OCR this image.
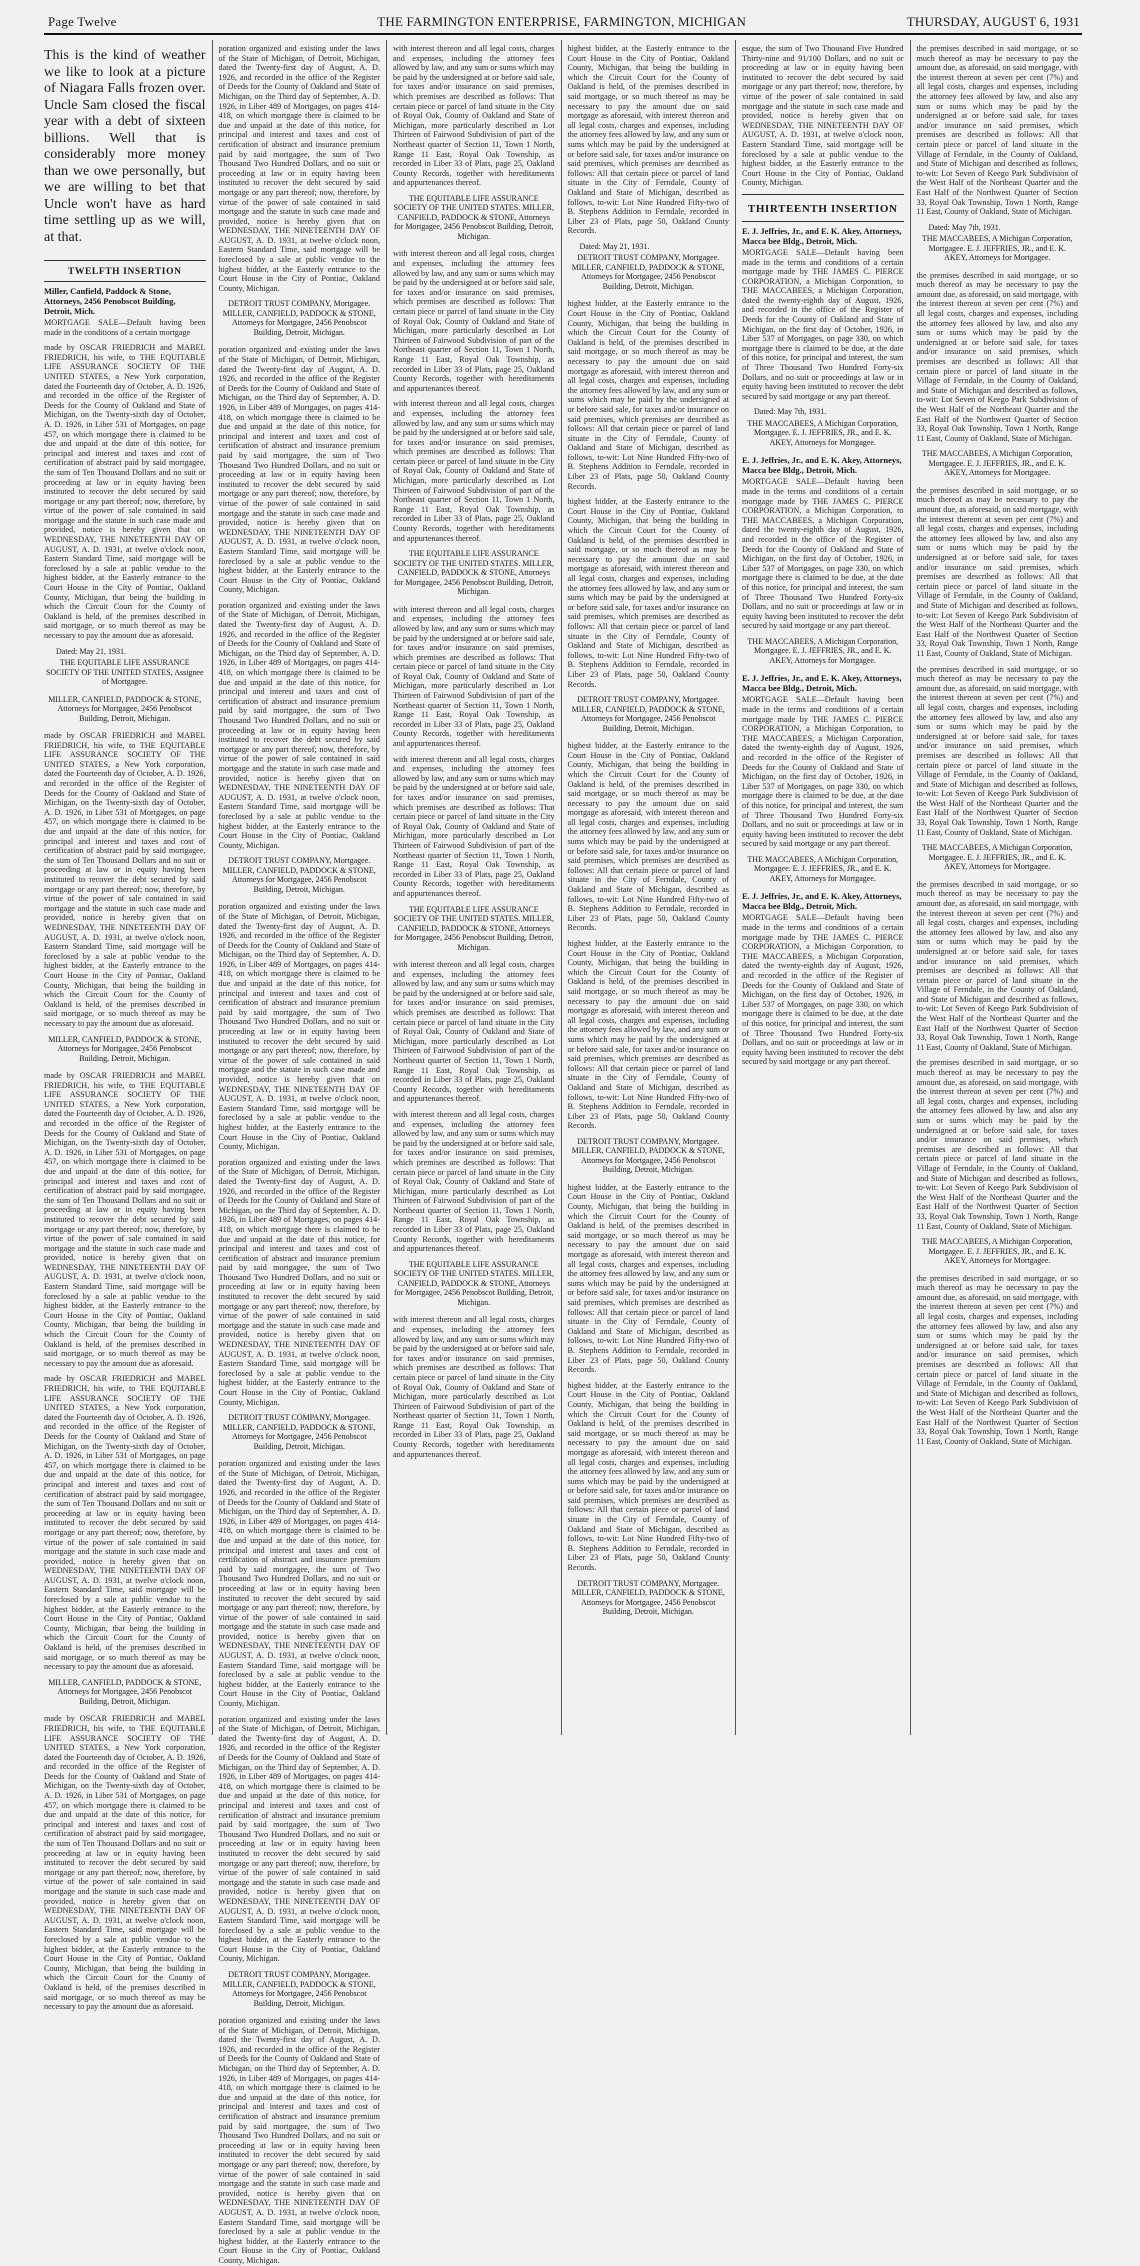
Page Twelve	THE FARMINGTON ENTERPRISE, FARMINGTON, MICHIGAN	THURSDAY, AUGUST 6, 1931

This is the kind of weather we like to look at a picture of Niagara Falls frozen over. Uncle Sam closed the fiscal year with a debt of sixteen billions. Well that is considerably more money than we owe personally, but we are willing to bet that Uncle won't have as hard time settling up as we will, at that.

TWELFTH INSERTION
Miller, Canfield, Paddock & Stone, Attorneys, 2456 Penobscot Building, Detroit, Mich.

MORTGAGE SALE—Default having been made in the conditions of a certain mortgage

made by OSCAR FRIEDRICH and MABEL FRIEDRICH, his wife, to THE EQUITABLE LIFE ASSURANCE SOCIETY OF THE UNITED STATES, a New York corporation, dated the Fourteenth day of October, A. D. 1926, and recorded in the office of the Register of Deeds for the County of Oakland and State of Michigan, on the Twenty-sixth day of October, A. D. 1926, in Liber 531 of Mortgages, on page 457, on which mortgage there is claimed to be due and unpaid at the date of this notice, for principal and interest and taxes and cost of certification of abstract paid by said mortgagee, the sum of Ten Thousand Dollars and no suit or proceeding at law or in equity having been instituted to recover the debt secured by said mortgage or any part thereof; now, therefore, by virtue of the power of sale contained in said mortgage and the statute in such case made and provided, notice is hereby given that on WEDNESDAY, THE NINETEENTH DAY OF AUGUST, A. D. 1931, at twelve o'clock noon, Eastern Standard Time, said mortgage will be foreclosed by a sale at public vendue to the highest bidder, at the Easterly entrance to the Court House in the City of Pontiac, Oakland County, Michigan, that being the building in which the Circuit Court for the County of Oakland is held, of the premises described in said mortgage, or so much thereof as may be necessary to pay the amount due as aforesaid.

Dated: May 21, 1931.
THE EQUITABLE LIFE ASSURANCE SOCIETY OF THE UNITED STATES, Assignee of Mortgagee.
MILLER, CANFIELD, PADDOCK & STONE, Attorneys for Mortgagee, 2456 Penobscot Building, Detroit, Michigan.

made by OSCAR FRIEDRICH and MABEL FRIEDRICH, his wife, to THE EQUITABLE LIFE ASSURANCE SOCIETY OF THE UNITED STATES, a New York corporation, dated the Fourteenth day of October, A. D. 1926, and recorded in the office of the Register of Deeds for the County of Oakland and State of Michigan, on the Twenty-sixth day of October, A. D. 1926, in Liber 531 of Mortgages, on page 457, on which mortgage there is claimed to be due and unpaid at the date of this notice, for principal and interest and taxes and cost of certification of abstract paid by said mortgagee, the sum of Ten Thousand Dollars and no suit or proceeding at law or in equity having been instituted to recover the debt secured by said mortgage or any part thereof; now, therefore, by virtue of the power of sale contained in said mortgage and the statute in such case made and provided, notice is hereby given that on WEDNESDAY, THE NINETEENTH DAY OF AUGUST, A. D. 1931, at twelve o'clock noon, Eastern Standard Time, said mortgage will be foreclosed by a sale at public vendue to the highest bidder, at the Easterly entrance to the Court House in the City of Pontiac, Oakland County, Michigan, that being the building in which the Circuit Court for the County of Oakland is held, of the premises described in said mortgage, or so much thereof as may be necessary to pay the amount due as aforesaid.

MILLER, CANFIELD, PADDOCK & STONE, Attorneys for Mortgagee, 2456 Penobscot Building, Detroit, Michigan.

made by OSCAR FRIEDRICH and MABEL FRIEDRICH, his wife, to THE EQUITABLE LIFE ASSURANCE SOCIETY OF THE UNITED STATES, a New York corporation, dated the Fourteenth day of October, A. D. 1926, and recorded in the office of the Register of Deeds for the County of Oakland and State of Michigan, on the Twenty-sixth day of October, A. D. 1926, in Liber 531 of Mortgages, on page 457, on which mortgage there is claimed to be due and unpaid at the date of this notice, for principal and interest and taxes and cost of certification of abstract paid by said mortgagee, the sum of Ten Thousand Dollars and no suit or proceeding at law or in equity having been instituted to recover the debt secured by said mortgage or any part thereof; now, therefore, by virtue of the power of sale contained in said mortgage and the statute in such case made and provided, notice is hereby given that on WEDNESDAY, THE NINETEENTH DAY OF AUGUST, A. D. 1931, at twelve o'clock noon, Eastern Standard Time, said mortgage will be foreclosed by a sale at public vendue to the highest bidder, at the Easterly entrance to the Court House in the City of Pontiac, Oakland County, Michigan, that being the building in which the Circuit Court for the County of Oakland is held, of the premises described in said mortgage, or so much thereof as may be necessary to pay the amount due as aforesaid.

made by OSCAR FRIEDRICH and MABEL FRIEDRICH, his wife, to THE EQUITABLE LIFE ASSURANCE SOCIETY OF THE UNITED STATES, a New York corporation, dated the Fourteenth day of October, A. D. 1926, and recorded in the office of the Register of Deeds for the County of Oakland and State of Michigan, on the Twenty-sixth day of October, A. D. 1926, in Liber 531 of Mortgages, on page 457, on which mortgage there is claimed to be due and unpaid at the date of this notice, for principal and interest and taxes and cost of certification of abstract paid by said mortgagee, the sum of Ten Thousand Dollars and no suit or proceeding at law or in equity having been instituted to recover the debt secured by said mortgage or any part thereof; now, therefore, by virtue of the power of sale contained in said mortgage and the statute in such case made and provided, notice is hereby given that on WEDNESDAY, THE NINETEENTH DAY OF AUGUST, A. D. 1931, at twelve o'clock noon, Eastern Standard Time, said mortgage will be foreclosed by a sale at public vendue to the highest bidder, at the Easterly entrance to the Court House in the City of Pontiac, Oakland County, Michigan, that being the building in which the Circuit Court for the County of Oakland is held, of the premises described in said mortgage, or so much thereof as may be necessary to pay the amount due as aforesaid.

MILLER, CANFIELD, PADDOCK & STONE, Attorneys for Mortgagee, 2456 Penobscot Building, Detroit, Michigan.

made by OSCAR FRIEDRICH and MABEL FRIEDRICH, his wife, to THE EQUITABLE LIFE ASSURANCE SOCIETY OF THE UNITED STATES, a New York corporation, dated the Fourteenth day of October, A. D. 1926, and recorded in the office of the Register of Deeds for the County of Oakland and State of Michigan, on the Twenty-sixth day of October, A. D. 1926, in Liber 531 of Mortgages, on page 457, on which mortgage there is claimed to be due and unpaid at the date of this notice, for principal and interest and taxes and cost of certification of abstract paid by said mortgagee, the sum of Ten Thousand Dollars and no suit or proceeding at law or in equity having been instituted to recover the debt secured by said mortgage or any part thereof; now, therefore, by virtue of the power of sale contained in said mortgage and the statute in such case made and provided, notice is hereby given that on WEDNESDAY, THE NINETEENTH DAY OF AUGUST, A. D. 1931, at twelve o'clock noon, Eastern Standard Time, said mortgage will be foreclosed by a sale at public vendue to the highest bidder, at the Easterly entrance to the Court House in the City of Pontiac, Oakland County, Michigan, that being the building in which the Circuit Court for the County of Oakland is held, of the premises described in said mortgage, or so much thereof as may be necessary to pay the amount due as aforesaid.

poration organized and existing under the laws of the State of Michigan, of Detroit, Michigan, dated the Twenty-first day of August, A. D. 1926, and recorded in the office of the Register of Deeds for the County of Oakland and State of Michigan, on the Third day of September, A. D. 1926, in Liber 489 of Mortgages, on pages 414-418, on which mortgage there is claimed to be due and unpaid at the date of this notice, for principal and interest and taxes and cost of certification of abstract and insurance premium paid by said mortgagee, the sum of Two Thousand Two Hundred Dollars, and no suit or proceeding at law or in equity having been instituted to recover the debt secured by said mortgage or any part thereof; now, therefore, by virtue of the power of sale contained in said mortgage and the statute in such case made and provided, notice is hereby given that on WEDNESDAY, THE NINETEENTH DAY OF AUGUST, A. D. 1931, at twelve o'clock noon, Eastern Standard Time, said mortgage will be foreclosed by a sale at public vendue to the highest bidder, at the Easterly entrance to the Court House in the City of Pontiac, Oakland County, Michigan.

DETROIT TRUST COMPANY, Mortgagee. MILLER, CANFIELD, PADDOCK & STONE, Attorneys for Mortgagee, 2456 Penobscot Building, Detroit, Michigan.

poration organized and existing under the laws of the State of Michigan, of Detroit, Michigan, dated the Twenty-first day of August, A. D. 1926, and recorded in the office of the Register of Deeds for the County of Oakland and State of Michigan, on the Third day of September, A. D. 1926, in Liber 489 of Mortgages, on pages 414-418, on which mortgage there is claimed to be due and unpaid at the date of this notice, for principal and interest and taxes and cost of certification of abstract and insurance premium paid by said mortgagee, the sum of Two Thousand Two Hundred Dollars, and no suit or proceeding at law or in equity having been instituted to recover the debt secured by said mortgage or any part thereof; now, therefore, by virtue of the power of sale contained in said mortgage and the statute in such case made and provided, notice is hereby given that on WEDNESDAY, THE NINETEENTH DAY OF AUGUST, A. D. 1931, at twelve o'clock noon, Eastern Standard Time, said mortgage will be foreclosed by a sale at public vendue to the highest bidder, at the Easterly entrance to the Court House in the City of Pontiac, Oakland County, Michigan.

poration organized and existing under the laws of the State of Michigan, of Detroit, Michigan, dated the Twenty-first day of August, A. D. 1926, and recorded in the office of the Register of Deeds for the County of Oakland and State of Michigan, on the Third day of September, A. D. 1926, in Liber 489 of Mortgages, on pages 414-418, on which mortgage there is claimed to be due and unpaid at the date of this notice, for principal and interest and taxes and cost of certification of abstract and insurance premium paid by said mortgagee, the sum of Two Thousand Two Hundred Dollars, and no suit or proceeding at law or in equity having been instituted to recover the debt secured by said mortgage or any part thereof; now, therefore, by virtue of the power of sale contained in said mortgage and the statute in such case made and provided, notice is hereby given that on WEDNESDAY, THE NINETEENTH DAY OF AUGUST, A. D. 1931, at twelve o'clock noon, Eastern Standard Time, said mortgage will be foreclosed by a sale at public vendue to the highest bidder, at the Easterly entrance to the Court House in the City of Pontiac, Oakland County, Michigan.

DETROIT TRUST COMPANY, Mortgagee. MILLER, CANFIELD, PADDOCK & STONE, Attorneys for Mortgagee, 2456 Penobscot Building, Detroit, Michigan.

poration organized and existing under the laws of the State of Michigan, of Detroit, Michigan, dated the Twenty-first day of August, A. D. 1926, and recorded in the office of the Register of Deeds for the County of Oakland and State of Michigan, on the Third day of September, A. D. 1926, in Liber 489 of Mortgages, on pages 414-418, on which mortgage there is claimed to be due and unpaid at the date of this notice, for principal and interest and taxes and cost of certification of abstract and insurance premium paid by said mortgagee, the sum of Two Thousand Two Hundred Dollars, and no suit or proceeding at law or in equity having been instituted to recover the debt secured by said mortgage or any part thereof; now, therefore, by virtue of the power of sale contained in said mortgage and the statute in such case made and provided, notice is hereby given that on WEDNESDAY, THE NINETEENTH DAY OF AUGUST, A. D. 1931, at twelve o'clock noon, Eastern Standard Time, said mortgage will be foreclosed by a sale at public vendue to the highest bidder, at the Easterly entrance to the Court House in the City of Pontiac, Oakland County, Michigan.

poration organized and existing under the laws of the State of Michigan, of Detroit, Michigan, dated the Twenty-first day of August, A. D. 1926, and recorded in the office of the Register of Deeds for the County of Oakland and State of Michigan, on the Third day of September, A. D. 1926, in Liber 489 of Mortgages, on pages 414-418, on which mortgage there is claimed to be due and unpaid at the date of this notice, for principal and interest and taxes and cost of certification of abstract and insurance premium paid by said mortgagee, the sum of Two Thousand Two Hundred Dollars, and no suit or proceeding at law or in equity having been instituted to recover the debt secured by said mortgage or any part thereof; now, therefore, by virtue of the power of sale contained in said mortgage and the statute in such case made and provided, notice is hereby given that on WEDNESDAY, THE NINETEENTH DAY OF AUGUST, A. D. 1931, at twelve o'clock noon, Eastern Standard Time, said mortgage will be foreclosed by a sale at public vendue to the highest bidder, at the Easterly entrance to the Court House in the City of Pontiac, Oakland County, Michigan.

DETROIT TRUST COMPANY, Mortgagee. MILLER, CANFIELD, PADDOCK & STONE, Attorneys for Mortgagee, 2456 Penobscot Building, Detroit, Michigan.

poration organized and existing under the laws of the State of Michigan, of Detroit, Michigan, dated the Twenty-first day of August, A. D. 1926, and recorded in the office of the Register of Deeds for the County of Oakland and State of Michigan, on the Third day of September, A. D. 1926, in Liber 489 of Mortgages, on pages 414-418, on which mortgage there is claimed to be due and unpaid at the date of this notice, for principal and interest and taxes and cost of certification of abstract and insurance premium paid by said mortgagee, the sum of Two Thousand Two Hundred Dollars, and no suit or proceeding at law or in equity having been instituted to recover the debt secured by said mortgage or any part thereof; now, therefore, by virtue of the power of sale contained in said mortgage and the statute in such case made and provided, notice is hereby given that on WEDNESDAY, THE NINETEENTH DAY OF AUGUST, A. D. 1931, at twelve o'clock noon, Eastern Standard Time, said mortgage will be foreclosed by a sale at public vendue to the highest bidder, at the Easterly entrance to the Court House in the City of Pontiac, Oakland County, Michigan.

poration organized and existing under the laws of the State of Michigan, of Detroit, Michigan, dated the Twenty-first day of August, A. D. 1926, and recorded in the office of the Register of Deeds for the County of Oakland and State of Michigan, on the Third day of September, A. D. 1926, in Liber 489 of Mortgages, on pages 414-418, on which mortgage there is claimed to be due and unpaid at the date of this notice, for principal and interest and taxes and cost of certification of abstract and insurance premium paid by said mortgagee, the sum of Two Thousand Two Hundred Dollars, and no suit or proceeding at law or in equity having been instituted to recover the debt secured by said mortgage or any part thereof; now, therefore, by virtue of the power of sale contained in said mortgage and the statute in such case made and provided, notice is hereby given that on WEDNESDAY, THE NINETEENTH DAY OF AUGUST, A. D. 1931, at twelve o'clock noon, Eastern Standard Time, said mortgage will be foreclosed by a sale at public vendue to the highest bidder, at the Easterly entrance to the Court House in the City of Pontiac, Oakland County, Michigan.

DETROIT TRUST COMPANY, Mortgagee. MILLER, CANFIELD, PADDOCK & STONE, Attorneys for Mortgagee, 2456 Penobscot Building, Detroit, Michigan.

poration organized and existing under the laws of the State of Michigan, of Detroit, Michigan, dated the Twenty-first day of August, A. D. 1926, and recorded in the office of the Register of Deeds for the County of Oakland and State of Michigan, on the Third day of September, A. D. 1926, in Liber 489 of Mortgages, on pages 414-418, on which mortgage there is claimed to be due and unpaid at the date of this notice, for principal and interest and taxes and cost of certification of abstract and insurance premium paid by said mortgagee, the sum of Two Thousand Two Hundred Dollars, and no suit or proceeding at law or in equity having been instituted to recover the debt secured by said mortgage or any part thereof; now, therefore, by virtue of the power of sale contained in said mortgage and the statute in such case made and provided, notice is hereby given that on WEDNESDAY, THE NINETEENTH DAY OF AUGUST, A. D. 1931, at twelve o'clock noon, Eastern Standard Time, said mortgage will be foreclosed by a sale at public vendue to the highest bidder, at the Easterly entrance to the Court House in the City of Pontiac, Oakland County, Michigan.

with interest thereon and all legal costs, charges and expenses, including the attorney fees allowed by law, and any sum or sums which may be paid by the undersigned at or before said sale, for taxes and/or insurance on said premises, which premises are described as follows: That certain piece or parcel of land situate in the City of Royal Oak, County of Oakland and State of Michigan, more particularly described as Lot Thirteen of Fairwood Subdivision of part of the Northeast quarter of Section 11, Town 1 North, Range 11 East, Royal Oak Township, as recorded in Liber 33 of Plats, page 25, Oakland County Records, together with hereditaments and appurtenances thereof.

THE EQUITABLE LIFE ASSURANCE SOCIETY OF THE UNITED STATES. MILLER, CANFIELD, PADDOCK & STONE, Attorneys for Mortgagee, 2456 Penobscot Building, Detroit, Michigan.

with interest thereon and all legal costs, charges and expenses, including the attorney fees allowed by law, and any sum or sums which may be paid by the undersigned at or before said sale, for taxes and/or insurance on said premises, which premises are described as follows: That certain piece or parcel of land situate in the City of Royal Oak, County of Oakland and State of Michigan, more particularly described as Lot Thirteen of Fairwood Subdivision of part of the Northeast quarter of Section 11, Town 1 North, Range 11 East, Royal Oak Township, as recorded in Liber 33 of Plats, page 25, Oakland County Records, together with hereditaments and appurtenances thereof.

with interest thereon and all legal costs, charges and expenses, including the attorney fees allowed by law, and any sum or sums which may be paid by the undersigned at or before said sale, for taxes and/or insurance on said premises, which premises are described as follows: That certain piece or parcel of land situate in the City of Royal Oak, County of Oakland and State of Michigan, more particularly described as Lot Thirteen of Fairwood Subdivision of part of the Northeast quarter of Section 11, Town 1 North, Range 11 East, Royal Oak Township, as recorded in Liber 33 of Plats, page 25, Oakland County Records, together with hereditaments and appurtenances thereof.

THE EQUITABLE LIFE ASSURANCE SOCIETY OF THE UNITED STATES. MILLER, CANFIELD, PADDOCK & STONE, Attorneys for Mortgagee, 2456 Penobscot Building, Detroit, Michigan.

with interest thereon and all legal costs, charges and expenses, including the attorney fees allowed by law, and any sum or sums which may be paid by the undersigned at or before said sale, for taxes and/or insurance on said premises, which premises are described as follows: That certain piece or parcel of land situate in the City of Royal Oak, County of Oakland and State of Michigan, more particularly described as Lot Thirteen of Fairwood Subdivision of part of the Northeast quarter of Section 11, Town 1 North, Range 11 East, Royal Oak Township, as recorded in Liber 33 of Plats, page 25, Oakland County Records, together with hereditaments and appurtenances thereof.

with interest thereon and all legal costs, charges and expenses, including the attorney fees allowed by law, and any sum or sums which may be paid by the undersigned at or before said sale, for taxes and/or insurance on said premises, which premises are described as follows: That certain piece or parcel of land situate in the City of Royal Oak, County of Oakland and State of Michigan, more particularly described as Lot Thirteen of Fairwood Subdivision of part of the Northeast quarter of Section 11, Town 1 North, Range 11 East, Royal Oak Township, as recorded in Liber 33 of Plats, page 25, Oakland County Records, together with hereditaments and appurtenances thereof.

THE EQUITABLE LIFE ASSURANCE SOCIETY OF THE UNITED STATES. MILLER, CANFIELD, PADDOCK & STONE, Attorneys for Mortgagee, 2456 Penobscot Building, Detroit, Michigan.

with interest thereon and all legal costs, charges and expenses, including the attorney fees allowed by law, and any sum or sums which may be paid by the undersigned at or before said sale, for taxes and/or insurance on said premises, which premises are described as follows: That certain piece or parcel of land situate in the City of Royal Oak, County of Oakland and State of Michigan, more particularly described as Lot Thirteen of Fairwood Subdivision of part of the Northeast quarter of Section 11, Town 1 North, Range 11 East, Royal Oak Township, as recorded in Liber 33 of Plats, page 25, Oakland County Records, together with hereditaments and appurtenances thereof.

with interest thereon and all legal costs, charges and expenses, including the attorney fees allowed by law, and any sum or sums which may be paid by the undersigned at or before said sale, for taxes and/or insurance on said premises, which premises are described as follows: That certain piece or parcel of land situate in the City of Royal Oak, County of Oakland and State of Michigan, more particularly described as Lot Thirteen of Fairwood Subdivision of part of the Northeast quarter of Section 11, Town 1 North, Range 11 East, Royal Oak Township, as recorded in Liber 33 of Plats, page 25, Oakland County Records, together with hereditaments and appurtenances thereof.

THE EQUITABLE LIFE ASSURANCE SOCIETY OF THE UNITED STATES. MILLER, CANFIELD, PADDOCK & STONE, Attorneys for Mortgagee, 2456 Penobscot Building, Detroit, Michigan.

with interest thereon and all legal costs, charges and expenses, including the attorney fees allowed by law, and any sum or sums which may be paid by the undersigned at or before said sale, for taxes and/or insurance on said premises, which premises are described as follows: That certain piece or parcel of land situate in the City of Royal Oak, County of Oakland and State of Michigan, more particularly described as Lot Thirteen of Fairwood Subdivision of part of the Northeast quarter of Section 11, Town 1 North, Range 11 East, Royal Oak Township, as recorded in Liber 33 of Plats, page 25, Oakland County Records, together with hereditaments and appurtenances thereof.

highest bidder, at the Easterly entrance to the Court House in the City of Pontiac, Oakland County, Michigan, that being the building in which the Circuit Court for the County of Oakland is held, of the premises described in said mortgage, or so much thereof as may be necessary to pay the amount due on said mortgage as aforesaid, with interest thereon and all legal costs, charges and expenses, including the attorney fees allowed by law, and any sum or sums which may be paid by the undersigned at or before said sale, for taxes and/or insurance on said premises, which premises are described as follows: All that certain piece or parcel of land situate in the City of Ferndale, County of Oakland and State of Michigan, described as follows, to-wit: Lot Nine Hundred Fifty-two of B. Stephens Addition to Ferndale, recorded in Liber 23 of Plats, page 50, Oakland County Records.

Dated: May 21, 1931.
DETROIT TRUST COMPANY, Mortgagee. MILLER, CANFIELD, PADDOCK & STONE, Attorneys for Mortgagee, 2456 Penobscot Building, Detroit, Michigan.

highest bidder, at the Easterly entrance to the Court House in the City of Pontiac, Oakland County, Michigan, that being the building in which the Circuit Court for the County of Oakland is held, of the premises described in said mortgage, or so much thereof as may be necessary to pay the amount due on said mortgage as aforesaid, with interest thereon and all legal costs, charges and expenses, including the attorney fees allowed by law, and any sum or sums which may be paid by the undersigned at or before said sale, for taxes and/or insurance on said premises, which premises are described as follows: All that certain piece or parcel of land situate in the City of Ferndale, County of Oakland and State of Michigan, described as follows, to-wit: Lot Nine Hundred Fifty-two of B. Stephens Addition to Ferndale, recorded in Liber 23 of Plats, page 50, Oakland County Records.

highest bidder, at the Easterly entrance to the Court House in the City of Pontiac, Oakland County, Michigan, that being the building in which the Circuit Court for the County of Oakland is held, of the premises described in said mortgage, or so much thereof as may be necessary to pay the amount due on said mortgage as aforesaid, with interest thereon and all legal costs, charges and expenses, including the attorney fees allowed by law, and any sum or sums which may be paid by the undersigned at or before said sale, for taxes and/or insurance on said premises, which premises are described as follows: All that certain piece or parcel of land situate in the City of Ferndale, County of Oakland and State of Michigan, described as follows, to-wit: Lot Nine Hundred Fifty-two of B. Stephens Addition to Ferndale, recorded in Liber 23 of Plats, page 50, Oakland County Records.

DETROIT TRUST COMPANY, Mortgagee. MILLER, CANFIELD, PADDOCK & STONE, Attorneys for Mortgagee, 2456 Penobscot Building, Detroit, Michigan.

highest bidder, at the Easterly entrance to the Court House in the City of Pontiac, Oakland County, Michigan, that being the building in which the Circuit Court for the County of Oakland is held, of the premises described in said mortgage, or so much thereof as may be necessary to pay the amount due on said mortgage as aforesaid, with interest thereon and all legal costs, charges and expenses, including the attorney fees allowed by law, and any sum or sums which may be paid by the undersigned at or before said sale, for taxes and/or insurance on said premises, which premises are described as follows: All that certain piece or parcel of land situate in the City of Ferndale, County of Oakland and State of Michigan, described as follows, to-wit: Lot Nine Hundred Fifty-two of B. Stephens Addition to Ferndale, recorded in Liber 23 of Plats, page 50, Oakland County Records.

highest bidder, at the Easterly entrance to the Court House in the City of Pontiac, Oakland County, Michigan, that being the building in which the Circuit Court for the County of Oakland is held, of the premises described in said mortgage, or so much thereof as may be necessary to pay the amount due on said mortgage as aforesaid, with interest thereon and all legal costs, charges and expenses, including the attorney fees allowed by law, and any sum or sums which may be paid by the undersigned at or before said sale, for taxes and/or insurance on said premises, which premises are described as follows: All that certain piece or parcel of land situate in the City of Ferndale, County of Oakland and State of Michigan, described as follows, to-wit: Lot Nine Hundred Fifty-two of B. Stephens Addition to Ferndale, recorded in Liber 23 of Plats, page 50, Oakland County Records.

DETROIT TRUST COMPANY, Mortgagee. MILLER, CANFIELD, PADDOCK & STONE, Attorneys for Mortgagee, 2456 Penobscot Building, Detroit, Michigan.

highest bidder, at the Easterly entrance to the Court House in the City of Pontiac, Oakland County, Michigan, that being the building in which the Circuit Court for the County of Oakland is held, of the premises described in said mortgage, or so much thereof as may be necessary to pay the amount due on said mortgage as aforesaid, with interest thereon and all legal costs, charges and expenses, including the attorney fees allowed by law, and any sum or sums which may be paid by the undersigned at or before said sale, for taxes and/or insurance on said premises, which premises are described as follows: All that certain piece or parcel of land situate in the City of Ferndale, County of Oakland and State of Michigan, described as follows, to-wit: Lot Nine Hundred Fifty-two of B. Stephens Addition to Ferndale, recorded in Liber 23 of Plats, page 50, Oakland County Records.

highest bidder, at the Easterly entrance to the Court House in the City of Pontiac, Oakland County, Michigan, that being the building in which the Circuit Court for the County of Oakland is held, of the premises described in said mortgage, or so much thereof as may be necessary to pay the amount due on said mortgage as aforesaid, with interest thereon and all legal costs, charges and expenses, including the attorney fees allowed by law, and any sum or sums which may be paid by the undersigned at or before said sale, for taxes and/or insurance on said premises, which premises are described as follows: All that certain piece or parcel of land situate in the City of Ferndale, County of Oakland and State of Michigan, described as follows, to-wit: Lot Nine Hundred Fifty-two of B. Stephens Addition to Ferndale, recorded in Liber 23 of Plats, page 50, Oakland County Records.

DETROIT TRUST COMPANY, Mortgagee. MILLER, CANFIELD, PADDOCK & STONE, Attorneys for Mortgagee, 2456 Penobscot Building, Detroit, Michigan.

esque, the sum of Two Thousand Five Hundred Thirty-nine and 91/100 Dollars, and no suit or proceeding at law or in equity having been instituted to recover the debt secured by said mortgage or any part thereof; now, therefore, by virtue of the power of sale contained in said mortgage and the statute in such case made and provided, notice is hereby given that on WEDNESDAY, THE NINETEENTH DAY OF AUGUST, A. D. 1931, at twelve o'clock noon, Eastern Standard Time, said mortgage will be foreclosed by a sale at public vendue to the highest bidder, at the Easterly entrance to the Court House in the City of Pontiac, Oakland County, Michigan.

THIRTEENTH INSERTION
E. J. Jeffries, Jr., and E. K. Akey, Attorneys, Macca bee Bldg., Detroit, Mich.

MORTGAGE SALE—Default having been made in the terms and conditions of a certain mortgage made by THE JAMES C. PIERCE CORPORATION, a Michigan Corporation, to THE MACCABEES, a Michigan Corporation, dated the twenty-eighth day of August, 1926, and recorded in the office of the Register of Deeds for the County of Oakland and State of Michigan, on the first day of October, 1926, in Liber 537 of Mortgages, on page 330, on which mortgage there is claimed to be due, at the date of this notice, for principal and interest, the sum of Three Thousand Two Hundred Forty-six Dollars, and no suit or proceedings at law or in equity having been instituted to recover the debt secured by said mortgage or any part thereof.

Dated: May 7th, 1931.
THE MACCABEES, A Michigan Corporation, Mortgagee. E. J. JEFFRIES, JR., and E. K. AKEY, Attorneys for Mortgagee.
E. J. Jeffries, Jr., and E. K. Akey, Attorneys, Macca bee Bldg., Detroit, Mich.

MORTGAGE SALE—Default having been made in the terms and conditions of a certain mortgage made by THE JAMES C. PIERCE CORPORATION, a Michigan Corporation, to THE MACCABEES, a Michigan Corporation, dated the twenty-eighth day of August, 1926, and recorded in the office of the Register of Deeds for the County of Oakland and State of Michigan, on the first day of October, 1926, in Liber 537 of Mortgages, on page 330, on which mortgage there is claimed to be due, at the date of this notice, for principal and interest, the sum of Three Thousand Two Hundred Forty-six Dollars, and no suit or proceedings at law or in equity having been instituted to recover the debt secured by said mortgage or any part thereof.

THE MACCABEES, A Michigan Corporation, Mortgagee. E. J. JEFFRIES, JR., and E. K. AKEY, Attorneys for Mortgagee.
E. J. Jeffries, Jr., and E. K. Akey, Attorneys, Macca bee Bldg., Detroit, Mich.

MORTGAGE SALE—Default having been made in the terms and conditions of a certain mortgage made by THE JAMES C. PIERCE CORPORATION, a Michigan Corporation, to THE MACCABEES, a Michigan Corporation, dated the twenty-eighth day of August, 1926, and recorded in the office of the Register of Deeds for the County of Oakland and State of Michigan, on the first day of October, 1926, in Liber 537 of Mortgages, on page 330, on which mortgage there is claimed to be due, at the date of this notice, for principal and interest, the sum of Three Thousand Two Hundred Forty-six Dollars, and no suit or proceedings at law or in equity having been instituted to recover the debt secured by said mortgage or any part thereof.

THE MACCABEES, A Michigan Corporation, Mortgagee. E. J. JEFFRIES, JR., and E. K. AKEY, Attorneys for Mortgagee.
E. J. Jeffries, Jr., and E. K. Akey, Attorneys, Macca bee Bldg., Detroit, Mich.

MORTGAGE SALE—Default having been made in the terms and conditions of a certain mortgage made by THE JAMES C. PIERCE CORPORATION, a Michigan Corporation, to THE MACCABEES, a Michigan Corporation, dated the twenty-eighth day of August, 1926, and recorded in the office of the Register of Deeds for the County of Oakland and State of Michigan, on the first day of October, 1926, in Liber 537 of Mortgages, on page 330, on which mortgage there is claimed to be due, at the date of this notice, for principal and interest, the sum of Three Thousand Two Hundred Forty-six Dollars, and no suit or proceedings at law or in equity having been instituted to recover the debt secured by said mortgage or any part thereof.

the premises described in said mortgage, or so much thereof as may be necessary to pay the amount due, as aforesaid, on said mortgage, with the interest thereon at seven per cent (7%) and all legal costs, charges and expenses, including the attorney fees allowed by law, and also any sum or sums which may be paid by the undersigned at or before said sale, for taxes and/or insurance on said premises, which premises are described as follows: All that certain piece or parcel of land situate in the Village of Ferndale, in the County of Oakland, and State of Michigan and described as follows, to-wit: Lot Seven of Keego Park Subdivision of the West Half of the Northeast Quarter and the East Half of the Northwest Quarter of Section 33, Royal Oak Township, Town 1 North, Range 11 East, County of Oakland, State of Michigan.

Dated: May 7th, 1931.
THE MACCABEES, A Michigan Corporation, Mortgagee. E. J. JEFFRIES, JR., and E. K. AKEY, Attorneys for Mortgagee.

the premises described in said mortgage, or so much thereof as may be necessary to pay the amount due, as aforesaid, on said mortgage, with the interest thereon at seven per cent (7%) and all legal costs, charges and expenses, including the attorney fees allowed by law, and also any sum or sums which may be paid by the undersigned at or before said sale, for taxes and/or insurance on said premises, which premises are described as follows: All that certain piece or parcel of land situate in the Village of Ferndale, in the County of Oakland, and State of Michigan and described as follows, to-wit: Lot Seven of Keego Park Subdivision of the West Half of the Northeast Quarter and the East Half of the Northwest Quarter of Section 33, Royal Oak Township, Town 1 North, Range 11 East, County of Oakland, State of Michigan.

THE MACCABEES, A Michigan Corporation, Mortgagee. E. J. JEFFRIES, JR., and E. K. AKEY, Attorneys for Mortgagee.

the premises described in said mortgage, or so much thereof as may be necessary to pay the amount due, as aforesaid, on said mortgage, with the interest thereon at seven per cent (7%) and all legal costs, charges and expenses, including the attorney fees allowed by law, and also any sum or sums which may be paid by the undersigned at or before said sale, for taxes and/or insurance on said premises, which premises are described as follows: All that certain piece or parcel of land situate in the Village of Ferndale, in the County of Oakland, and State of Michigan and described as follows, to-wit: Lot Seven of Keego Park Subdivision of the West Half of the Northeast Quarter and the East Half of the Northwest Quarter of Section 33, Royal Oak Township, Town 1 North, Range 11 East, County of Oakland, State of Michigan.

the premises described in said mortgage, or so much thereof as may be necessary to pay the amount due, as aforesaid, on said mortgage, with the interest thereon at seven per cent (7%) and all legal costs, charges and expenses, including the attorney fees allowed by law, and also any sum or sums which may be paid by the undersigned at or before said sale, for taxes and/or insurance on said premises, which premises are described as follows: All that certain piece or parcel of land situate in the Village of Ferndale, in the County of Oakland, and State of Michigan and described as follows, to-wit: Lot Seven of Keego Park Subdivision of the West Half of the Northeast Quarter and the East Half of the Northwest Quarter of Section 33, Royal Oak Township, Town 1 North, Range 11 East, County of Oakland, State of Michigan.

THE MACCABEES, A Michigan Corporation, Mortgagee. E. J. JEFFRIES, JR., and E. K. AKEY, Attorneys for Mortgagee.

the premises described in said mortgage, or so much thereof as may be necessary to pay the amount due, as aforesaid, on said mortgage, with the interest thereon at seven per cent (7%) and all legal costs, charges and expenses, including the attorney fees allowed by law, and also any sum or sums which may be paid by the undersigned at or before said sale, for taxes and/or insurance on said premises, which premises are described as follows: All that certain piece or parcel of land situate in the Village of Ferndale, in the County of Oakland, and State of Michigan and described as follows, to-wit: Lot Seven of Keego Park Subdivision of the West Half of the Northeast Quarter and the East Half of the Northwest Quarter of Section 33, Royal Oak Township, Town 1 North, Range 11 East, County of Oakland, State of Michigan.

the premises described in said mortgage, or so much thereof as may be necessary to pay the amount due, as aforesaid, on said mortgage, with the interest thereon at seven per cent (7%) and all legal costs, charges and expenses, including the attorney fees allowed by law, and also any sum or sums which may be paid by the undersigned at or before said sale, for taxes and/or insurance on said premises, which premises are described as follows: All that certain piece or parcel of land situate in the Village of Ferndale, in the County of Oakland, and State of Michigan and described as follows, to-wit: Lot Seven of Keego Park Subdivision of the West Half of the Northeast Quarter and the East Half of the Northwest Quarter of Section 33, Royal Oak Township, Town 1 North, Range 11 East, County of Oakland, State of Michigan.

THE MACCABEES, A Michigan Corporation, Mortgagee. E. J. JEFFRIES, JR., and E. K. AKEY, Attorneys for Mortgagee.

the premises described in said mortgage, or so much thereof as may be necessary to pay the amount due, as aforesaid, on said mortgage, with the interest thereon at seven per cent (7%) and all legal costs, charges and expenses, including the attorney fees allowed by law, and also any sum or sums which may be paid by the undersigned at or before said sale, for taxes and/or insurance on said premises, which premises are described as follows: All that certain piece or parcel of land situate in the Village of Ferndale, in the County of Oakland, and State of Michigan and described as follows, to-wit: Lot Seven of Keego Park Subdivision of the West Half of the Northeast Quarter and the East Half of the Northwest Quarter of Section 33, Royal Oak Township, Town 1 North, Range 11 East, County of Oakland, State of Michigan.
